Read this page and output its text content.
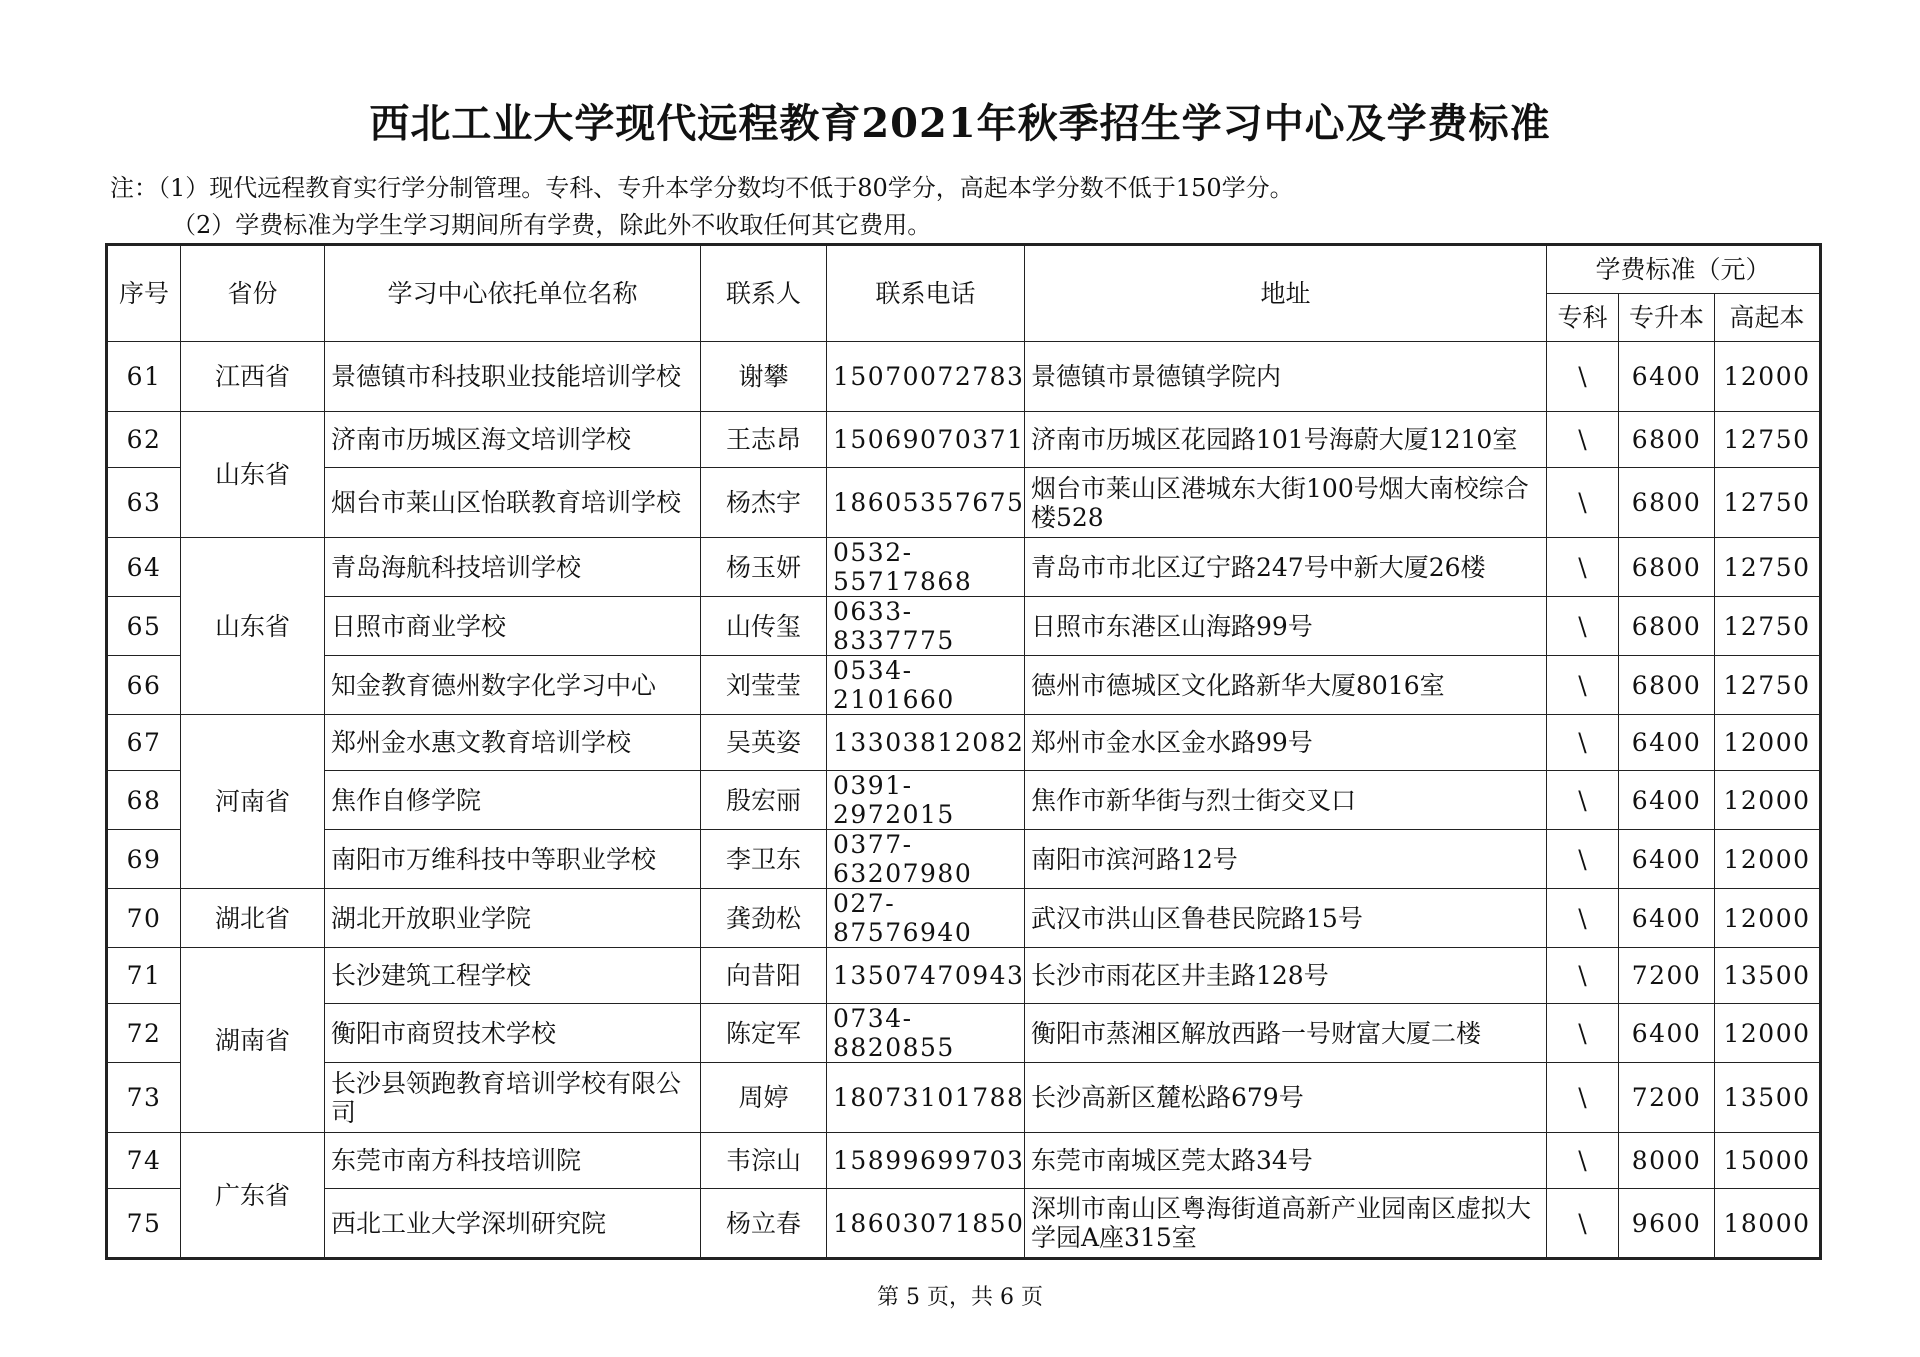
西北工业大学现代远程教育2021年秋季招生学习中心及学费标准
注：（1）现代远程教育实行学分制管理。专科、专升本学分数均不低于80学分，高起本学分数不低于150学分。
（2）学费标准为学生学习期间所有学费，除此外不收取任何其它费用。
序号	省份	学习中心依托单位名称	联系人	联系电话	地址	学费标准（元）		
						专科	专升本	高起本
61	江西省	景德镇市科技职业技能培训学校	谢攀	15070072783	景德镇市景德镇学院内	\	6400	12000
62	山东省	济南市历城区海文培训学校	王志昂	15069070371	济南市历城区花园路101号海蔚大厦1210室	\	6800	12750
63		烟台市莱山区怡联教育培训学校	杨杰宇	18605357675	烟台市莱山区港城东大街100号烟大南校综合楼528	\	6800	12750
64	山东省	青岛海航科技培训学校	杨玉妍	0532-55717868	青岛市市北区辽宁路247号中新大厦26楼	\	6800	12750
65		日照市商业学校	山传玺	0633-8337775	日照市东港区山海路99号	\	6800	12750
66		知金教育德州数字化学习中心	刘莹莹	0534-2101660	德州市德城区文化路新华大厦8016室	\	6800	12750
67	河南省	郑州金水惠文教育培训学校	吴英姿	13303812082	郑州市金水区金水路99号	\	6400	12000
68		焦作自修学院	殷宏丽	0391-2972015	焦作市新华街与烈士街交叉口	\	6400	12000
69		南阳市万维科技中等职业学校	李卫东	0377-63207980	南阳市滨河路12号	\	6400	12000
70	湖北省	湖北开放职业学院	龚劲松	027-87576940	武汉市洪山区鲁巷民院路15号	\	6400	12000
71	湖南省	长沙建筑工程学校	向昔阳	13507470943	长沙市雨花区井圭路128号	\	7200	13500
72		衡阳市商贸技术学校	陈定军	0734-8820855	衡阳市蒸湘区解放西路一号财富大厦二楼	\	6400	12000
73		长沙县领跑教育培训学校有限公司	周婷	18073101788	长沙高新区麓松路679号	\	7200	13500
74	广东省	东莞市南方科技培训院	韦淙山	15899699703	东莞市南城区莞太路34号	\	8000	15000
75		西北工业大学深圳研究院	杨立春	18603071850	深圳市南山区粤海街道高新产业园南区虚拟大学园A座315室	\	9600	18000
第 5 页，共 6 页
